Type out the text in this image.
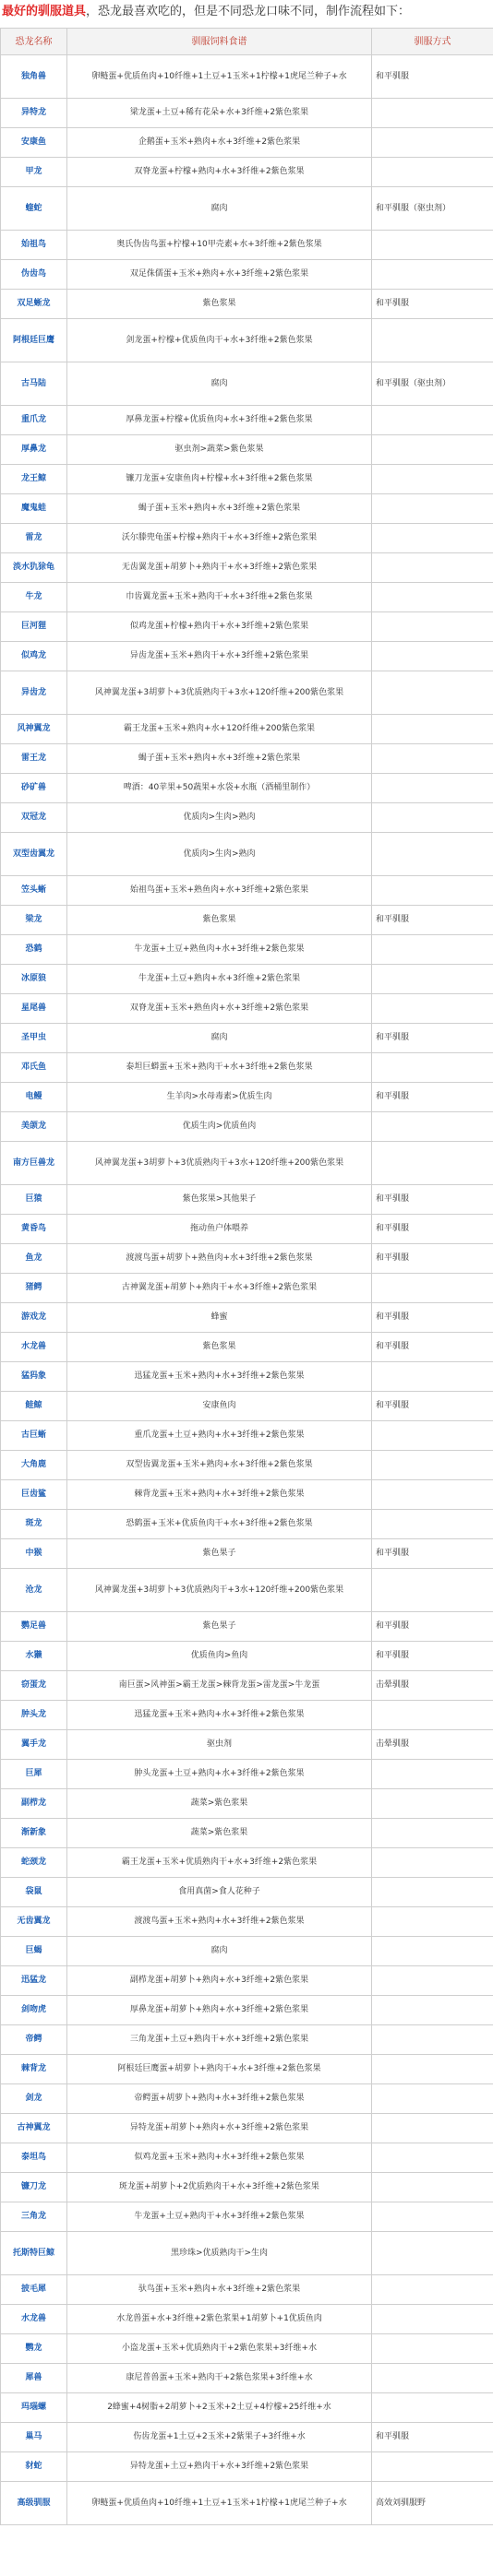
最好的驯服道具，恐龙最喜欢吃的，但是不同恐龙口味不同，制作流程如下：
恐龙名称	驯服饲料食谱	驯服方式
独角兽	卵鲢蛋+优质鱼肉+10纤维+1土豆+1玉米+1柠檬+1虎尾兰种子+水	和平驯服
异特龙	梁龙蛋+土豆+稀有花朵+水+3纤维+2紫色浆果	
安康鱼	企鹅蛋+玉米+熟肉+水+3纤维+2紫色浆果	
甲龙	双脊龙蛋+柠檬+熟肉+水+3纤维+2紫色浆果	
蝰蛇	腐肉	和平驯服（驱虫剂）
始祖鸟	奥氏伪齿鸟蛋+柠檬+10甲壳素+水+3纤维+2紫色浆果	
伪齿鸟	双足侏儒蛋+玉米+熟肉+水+3纤维+2紫色浆果	
双足蜥龙	紫色浆果	和平驯服
阿根廷巨鹰	剑龙蛋+柠檬+优质鱼肉干+水+3纤维+2紫色浆果	
古马陆	腐肉	和平驯服（驱虫剂）
重爪龙	厚鼻龙蛋+柠檬+优质鱼肉+水+3纤维+2紫色浆果	
厚鼻龙	驱虫剂>蔬菜>紫色浆果	
龙王鲸	镰刀龙蛋+安康鱼肉+柠檬+水+3纤维+2紫色浆果	
魔鬼蛙	蝎子蛋+玉米+熟肉+水+3纤维+2紫色浆果	
雷龙	沃尔滕兜龟蛋+柠檬+熟肉干+水+3纤维+2紫色浆果	
淡水犰狳龟	无齿翼龙蛋+胡萝卜+熟肉干+水+3纤维+2紫色浆果	
牛龙	巾齿翼龙蛋+玉米+熟肉干+水+3纤维+2紫色浆果	
巨河狸	似鸡龙蛋+柠檬+熟肉干+水+3纤维+2紫色浆果	
似鸡龙	异齿龙蛋+玉米+熟肉干+水+3纤维+2紫色浆果	
异齿龙	风神翼龙蛋+3胡萝卜+3优质熟肉干+3水+120纤维+200紫色浆果	
风神翼龙	霸王龙蛋+玉米+熟肉+水+120纤维+200紫色浆果	
雷王龙	蝎子蛋+玉米+熟肉+水+3纤维+2紫色浆果	
砂矿兽	啤酒：40苹果+50蔬果+水袋+水瓶（酒桶里制作）	
双冠龙	优质肉>生肉>熟肉	
双型齿翼龙	优质肉>生肉>熟肉	
笠头蜥	始祖鸟蛋+玉米+熟鱼肉+水+3纤维+2紫色浆果	
梁龙	紫色浆果	和平驯服
恐鹤	牛龙蛋+土豆+熟鱼肉+水+3纤维+2紫色浆果	
冰原狼	牛龙蛋+土豆+熟肉+水+3纤维+2紫色浆果	
星尾兽	双脊龙蛋+玉米+熟鱼肉+水+3纤维+2紫色浆果	
圣甲虫	腐肉	和平驯服
邓氏鱼	泰坦巨蟒蛋+玉米+熟肉干+水+3纤维+2紫色浆果	
电鳗	生羊肉>水母毒素>优质生肉	和平驯服
美颌龙	优质生肉>优质鱼肉	
南方巨兽龙	风神翼龙蛋+3胡萝卜+3优质熟肉干+3水+120纤维+200紫色浆果	
巨猿	紫色浆果>其他果子	和平驯服
黄昏鸟	拖动鱼户体喂养	和平驯服
鱼龙	渡渡鸟蛋+胡萝卜+熟鱼肉+水+3纤维+2紫色浆果	和平驯服
猪鳄	古神翼龙蛋+胡萝卜+熟肉干+水+3纤维+2紫色浆果	
游戏龙	蜂蜜	和平驯服
水龙兽	紫色浆果	和平驯服
猛犸象	迅猛龙蛋+玉米+熟肉+水+3纤维+2紫色浆果	
鲑鲸	安康鱼肉	和平驯服
古巨蜥	重爪龙蛋+土豆+熟肉+水+3纤维+2紫色浆果	
大角鹿	双型齿翼龙蛋+玉米+熟肉+水+3纤维+2紫色浆果	
巨齿鲨	棘背龙蛋+玉米+熟肉+水+3纤维+2紫色浆果	
斑龙	恐鹤蛋+玉米+优质鱼肉干+水+3纤维+2紫色浆果	
中猴	紫色果子	和平驯服
沧龙	风神翼龙蛋+3胡萝卜+3优质熟肉干+3水+120纤维+200紫色浆果	
鹦足兽	紫色果子	和平驯服
水獭	优质鱼肉>鱼肉	和平驯服
窃蛋龙	南巨蛋>风神蛋>霸王龙蛋>棘背龙蛋>雷龙蛋>牛龙蛋	击晕驯服
肿头龙	迅猛龙蛋+玉米+熟肉+水+3纤维+2紫色浆果	
翼手龙	驱虫剂	击晕驯服
巨犀	肿头龙蛋+土豆+熟肉+水+3纤维+2紫色浆果	
副栉龙	蔬菜>紫色浆果	
渐新象	蔬菜>紫色浆果	
蛇颈龙	霸王龙蛋+玉米+优质熟肉干+水+3纤维+2紫色浆果	
袋鼠	食用真菌>食人花种子	
无齿翼龙	渡渡鸟蛋+玉米+熟肉+水+3纤维+2紫色浆果	
巨蝎	腐肉	
迅猛龙	副栉龙蛋+胡萝卜+熟肉+水+3纤维+2紫色浆果	
剑吻虎	厚鼻龙蛋+胡萝卜+熟肉+水+3纤维+2紫色浆果	
帝鳄	三角龙蛋+土豆+熟肉干+水+3纤维+2紫色浆果	
棘背龙	阿根廷巨鹰蛋+胡萝卜+熟肉干+水+3纤维+2紫色浆果	
剑龙	帝鳄蛋+胡萝卜+熟肉+水+3纤维+2紫色浆果	
古神翼龙	异特龙蛋+胡萝卜+熟肉+水+3纤维+2紫色浆果	
泰坦鸟	似鸡龙蛋+玉米+熟肉+水+3纤维+2紫色浆果	
镰刀龙	斑龙蛋+胡萝卜+2优质熟肉干+水+3纤维+2紫色浆果	
三角龙	牛龙蛋+土豆+熟肉干+水+3纤维+2紫色浆果	
托斯特巨鲸	黑珍珠>优质熟肉干>生肉	
披毛犀	驮鸟蛋+玉米+熟肉+水+3纤维+2紫色浆果	
水龙兽	水龙兽蛋+水+3纤维+2紫色浆果+1胡萝卜+1优质鱼肉	
鹦龙	小盗龙蛋+玉米+优质熟肉干+2紫色浆果+3纤维+水	
犀兽	康尼普兽蛋+玉米+熟肉干+2紫色浆果+3纤维+水	
玛瑙螺	2蜂蜜+4树脂+2胡萝卜+2玉米+2土豆+4柠檬+25纤维+水	
巢马	伤齿龙蛋+1土豆+2玉米+2紫果子+3纤维+水	和平驯服
豺蛇	异特龙蛋+土豆+熟肉干+水+3纤维+2紫色浆果	
高级驯服	卵鲢蛋+优质鱼肉+10纤维+1土豆+1玉米+1柠檬+1虎尾兰种子+水	高效刘驯服野
